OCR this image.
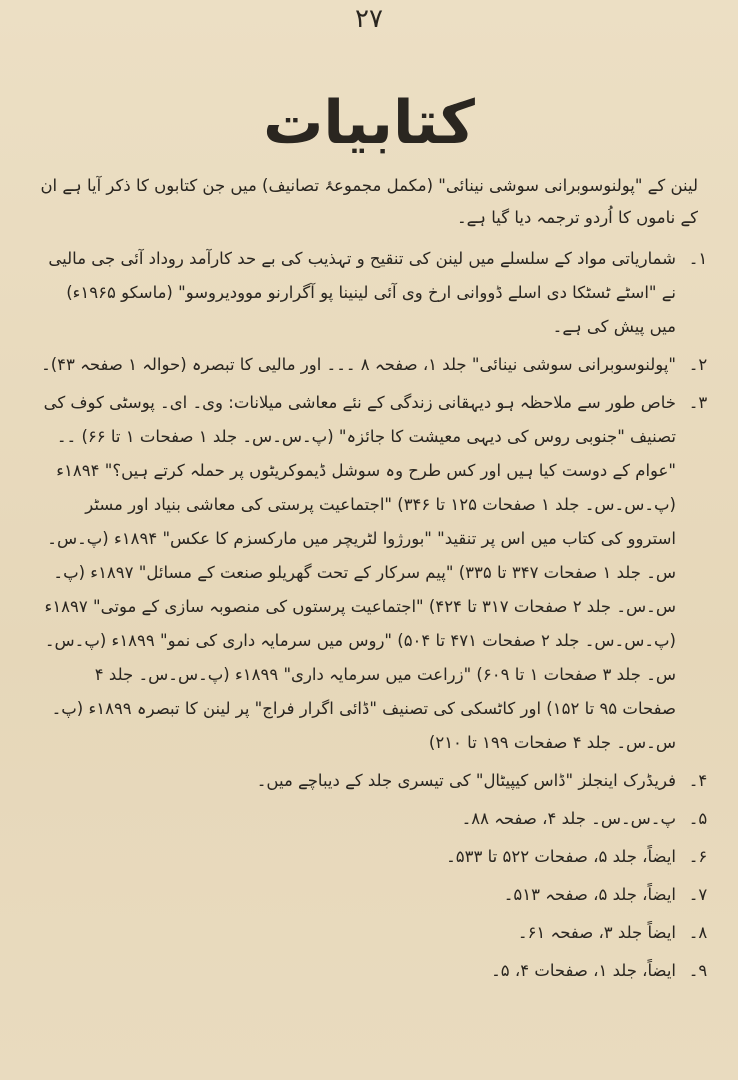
۲۷
کتابیات
لینن کے "پولنوسوبرانی سوشی نینائی" (مکمل مجموعۂ تصانیف) میں جن کتابوں کا ذکر آیا ہے ان کے ناموں کا اُردو ترجمہ دیا گیا ہے۔
۱۔
شماریاتی مواد کے سلسلے میں لینن کی تنقیح و تہذیب کی بے حد کارآمد روداد آئی جی مالیی نے "اسٹے ٹسٹکا دی اسلے ڈووانی ارخ وی آئی لینینا پو آگرارنو موودیروسو" (ماسکو ۱۹۶۵ء) میں پیش کی ہے۔
۲۔
"پولنوسوبرانی سوشی نینائی" جلد ۱، صفحہ ۸ ۔۔۔ اور مالیی کا تبصرہ (حوالہ ۱ صفحہ ۴۳)۔
۳۔
خاص طور سے ملاحظہ ہو دیہقانی زندگی کے نئے معاشی میلانات: وی۔ ای۔ پوسٹی کوف کی تصنیف "جنوبی روس کی دیہی معیشت کا جائزہ" (پ۔س۔س۔ جلد ۱ صفحات ۱ تا ۶۶) ۔۔ "عوام کے دوست کیا ہیں اور کس طرح وہ سوشل ڈیموکریٹوں پر حملہ کرتے ہیں؟" ۱۸۹۴ء (پ۔س۔س۔ جلد ۱ صفحات ۱۲۵ تا ۳۴۶) "اجتماعیت پرستی کی معاشی بنیاد اور مسٹر استروو کی کتاب میں اس پر تنقید" "بورژوا لٹریچر میں مارکسزم کا عکس" ۱۸۹۴ء (پ۔س۔س۔ جلد ۱ صفحات ۳۴۷ تا ۳۳۵) "پیم سرکار کے تحت گھریلو صنعت کے مسائل" ۱۸۹۷ء (پ۔س۔س۔ جلد ۲ صفحات ۳۱۷ تا ۴۲۴) "اجتماعیت پرستوں کی منصوبہ سازی کے موتی" ۱۸۹۷ء (پ۔س۔س۔ جلد ۲ صفحات ۴۷۱ تا ۵۰۴) "روس میں سرمایہ داری کی نمو" ۱۸۹۹ء (پ۔س۔س۔ جلد ۳ صفحات ۱ تا ۶۰۹) "زراعت میں سرمایہ داری" ۱۸۹۹ء (پ۔س۔س۔ جلد ۴ صفحات ۹۵ تا ۱۵۲) اور کاٹسکی کی تصنیف "ڈائی اگرار فراج" پر لینن کا تبصرہ ۱۸۹۹ء (پ۔س۔س۔ جلد ۴ صفحات ۱۹۹ تا ۲۱۰)
۴۔
فریڈرک اینجلز "ڈاس کیپیٹال" کی تیسری جلد کے دیباچے میں۔
۵۔
پ۔س۔س۔ جلد ۴، صفحہ ۸۸۔
۶۔
ایضاً، جلد ۵، صفحات ۵۲۲ تا ۵۳۳۔
۷۔
ایضاً، جلد ۵، صفحہ ۵۱۳۔
۸۔
ایضاً جلد ۳، صفحہ ۶۱۔
۹۔
ایضاً، جلد ۱، صفحات ۴، ۵۔
